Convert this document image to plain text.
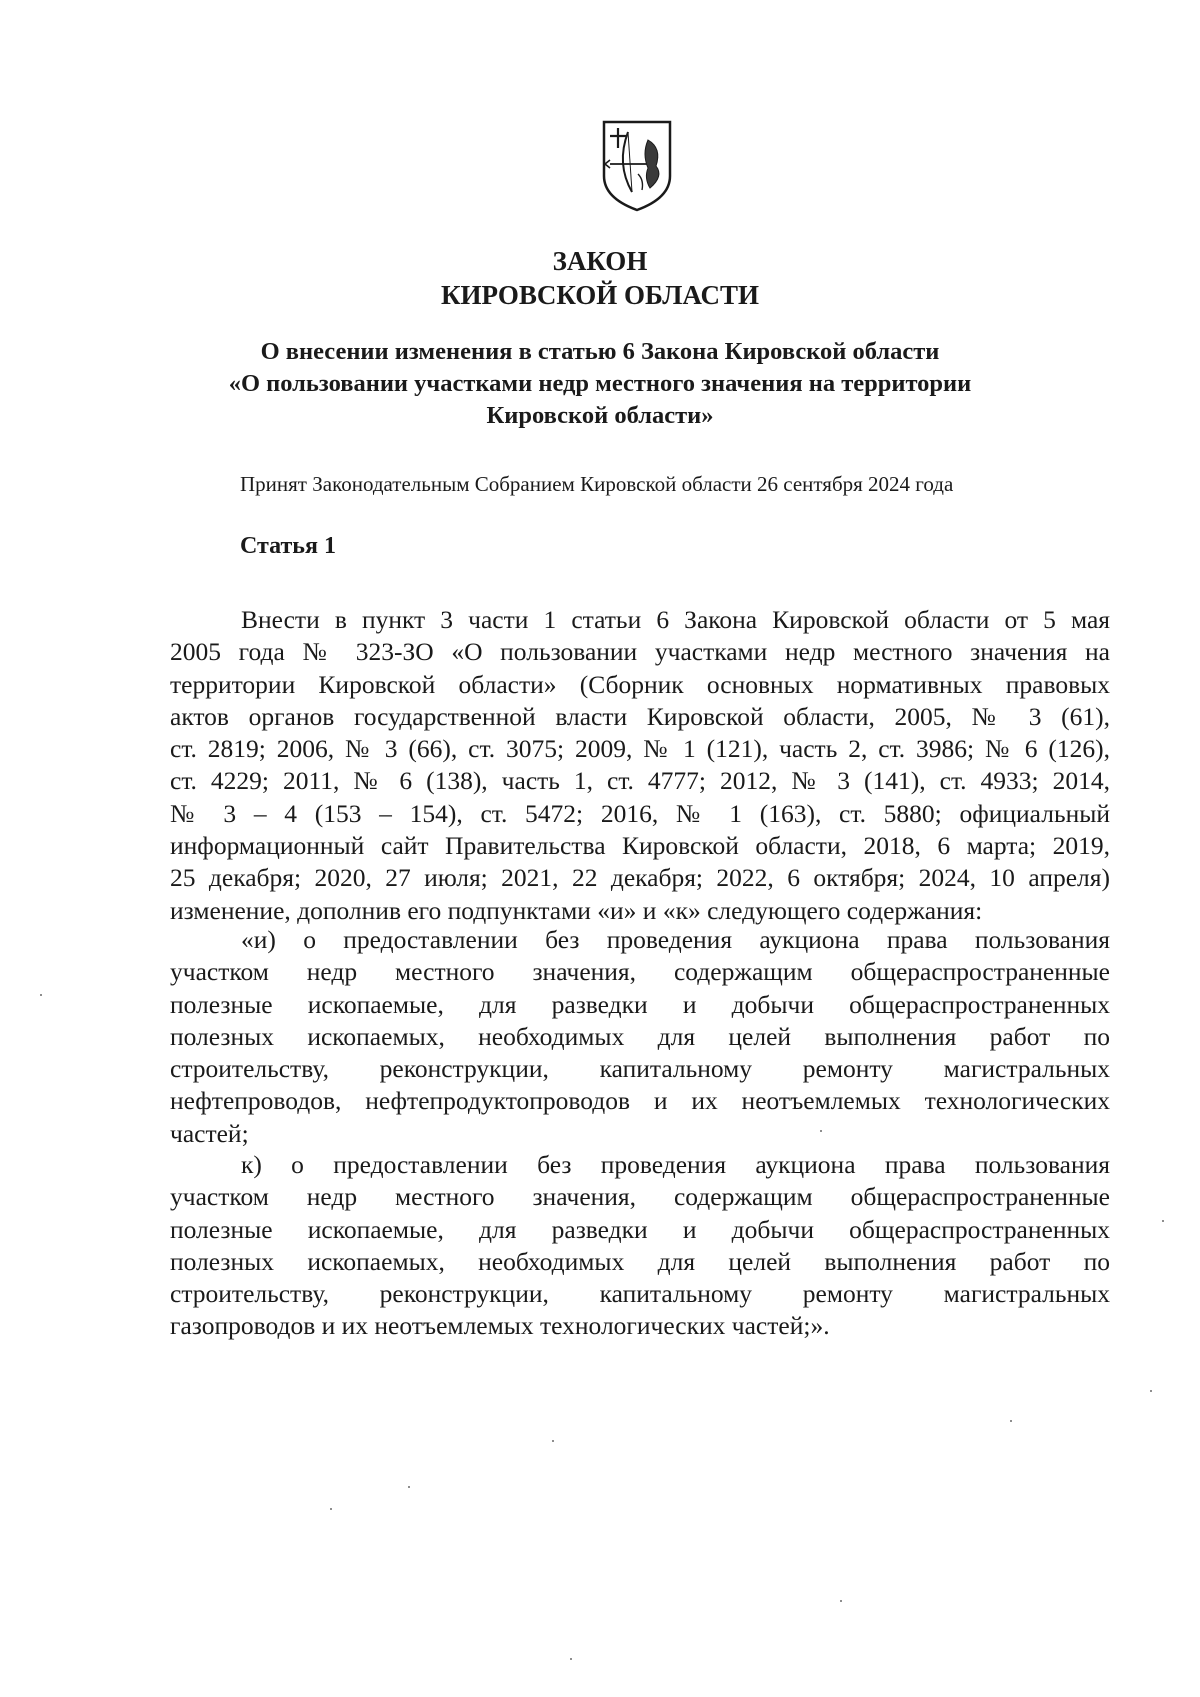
ЗАКОН
КИРОВСКОЙ ОБЛАСТИ
О внесении изменения в статью 6 Закона Кировской области
«О пользовании участками недр местного значения на территории
Кировской области»

Принят Законодательным Собранием Кировской области 26 сентября 2024 года

Статья 1
Внести в пункт 3 части 1 статьи 6 Закона Кировской области от 5 мая
2005 года № 323-ЗО «О пользовании участками недр местного значения на
территории Кировской области» (Сборник основных нормативных правовых
актов органов государственной власти Кировской области, 2005, № 3 (61),
ст. 2819; 2006, № 3 (66), ст. 3075; 2009, № 1 (121), часть 2, ст. 3986; № 6 (126),
ст. 4229; 2011, № 6 (138), часть 1, ст. 4777; 2012, № 3 (141), ст. 4933; 2014,
№ 3 – 4 (153 – 154), ст. 5472; 2016, № 1 (163), ст. 5880; официальный
информационный сайт Правительства Кировской области, 2018, 6 марта; 2019,
25 декабря; 2020, 27 июля; 2021, 22 декабря; 2022, 6 октября; 2024, 10 апреля)
изменение, дополнив его подпунктами «и» и «к» следующего содержания:
«и) о предоставлении без проведения аукциона права пользования
участком недр местного значения, содержащим общераспространенные
полезные ископаемые, для разведки и добычи общераспространенных
полезных ископаемых, необходимых для целей выполнения работ по
строительству, реконструкции, капитальному ремонту магистральных
нефтепроводов, нефтепродуктопроводов и их неотъемлемых технологических
частей;
к) о предоставлении без проведения аукциона права пользования
участком недр местного значения, содержащим общераспространенные
полезные ископаемые, для разведки и добычи общераспространенных
полезных ископаемых, необходимых для целей выполнения работ по
строительству, реконструкции, капитальному ремонту магистральных
газопроводов и их неотъемлемых технологических частей;».
